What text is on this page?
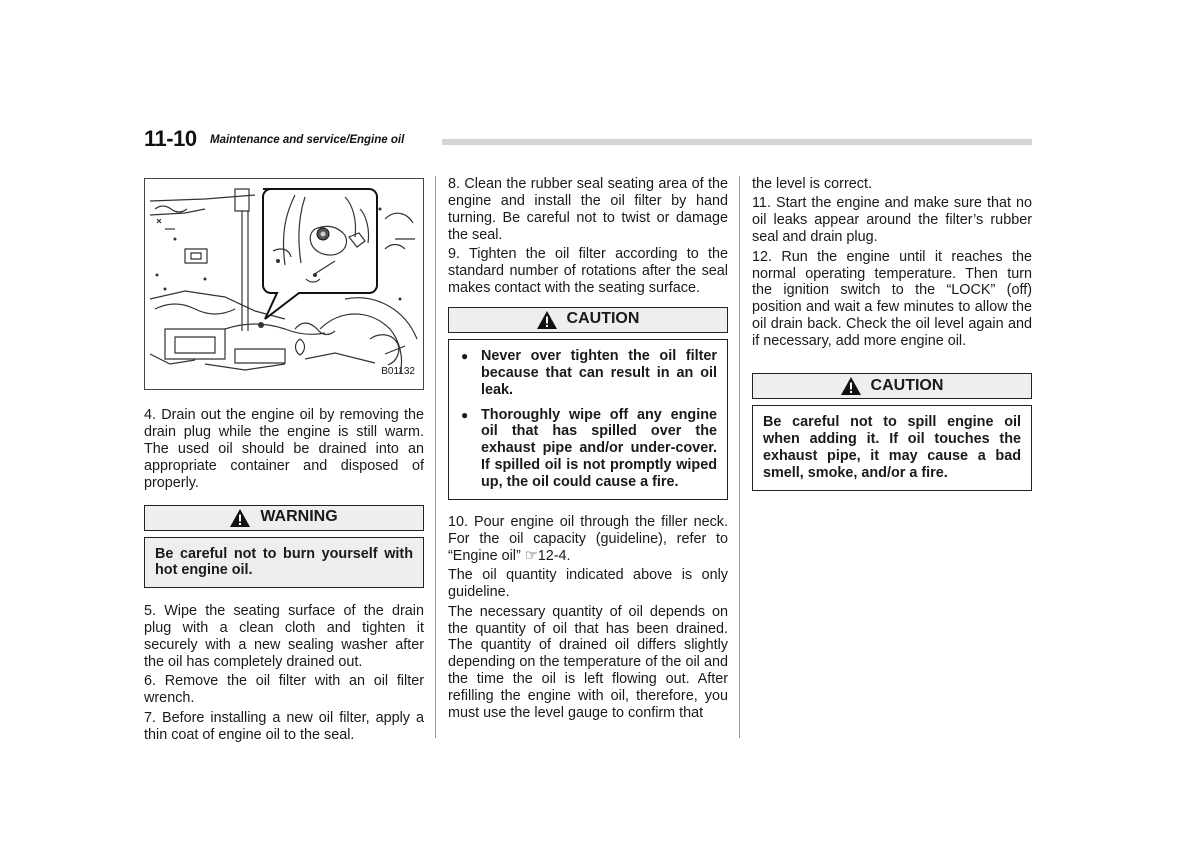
11-10 Maintenance and service/Engine oil
B01132

4. Drain out the engine oil by removing the drain plug while the engine is still warm. The used oil should be drained into an appropriate container and disposed of properly.

WARNING
Be careful not to burn yourself with hot engine oil.

5. Wipe the seating surface of the drain plug with a clean cloth and tighten it securely with a new sealing washer after the oil has completely drained out.

6. Remove the oil filter with an oil filter wrench.

7. Before installing a new oil filter, apply a thin coat of engine oil to the seal.

8. Clean the rubber seal seating area of the engine and install the oil filter by hand turning. Be careful not to twist or damage the seal.

9. Tighten the oil filter according to the standard number of rotations after the seal makes contact with the seating surface.

CAUTION
● Never over tighten the oil filter because that can result in an oil leak.
● Thoroughly wipe off any engine oil that has spilled over the exhaust pipe and/or under-cover. If spilled oil is not promptly wiped up, the oil could cause a fire.

10. Pour engine oil through the filler neck. For the oil capacity (guideline), refer to “Engine oil” ☞12-4.

The oil quantity indicated above is only guideline.

The necessary quantity of oil depends on the quantity of oil that has been drained. The quantity of drained oil differs slightly depending on the temperature of the oil and the time the oil is left flowing out. After refilling the engine with oil, therefore, you must use the level gauge to confirm that

the level is correct.

11. Start the engine and make sure that no oil leaks appear around the filter’s rubber seal and drain plug.

12. Run the engine until it reaches the normal operating temperature. Then turn the ignition switch to the “LOCK” (off) position and wait a few minutes to allow the oil drain back. Check the oil level again and if necessary, add more engine oil.

CAUTION
Be careful not to spill engine oil when adding it. If oil touches the exhaust pipe, it may cause a bad smell, smoke, and/or a fire.
